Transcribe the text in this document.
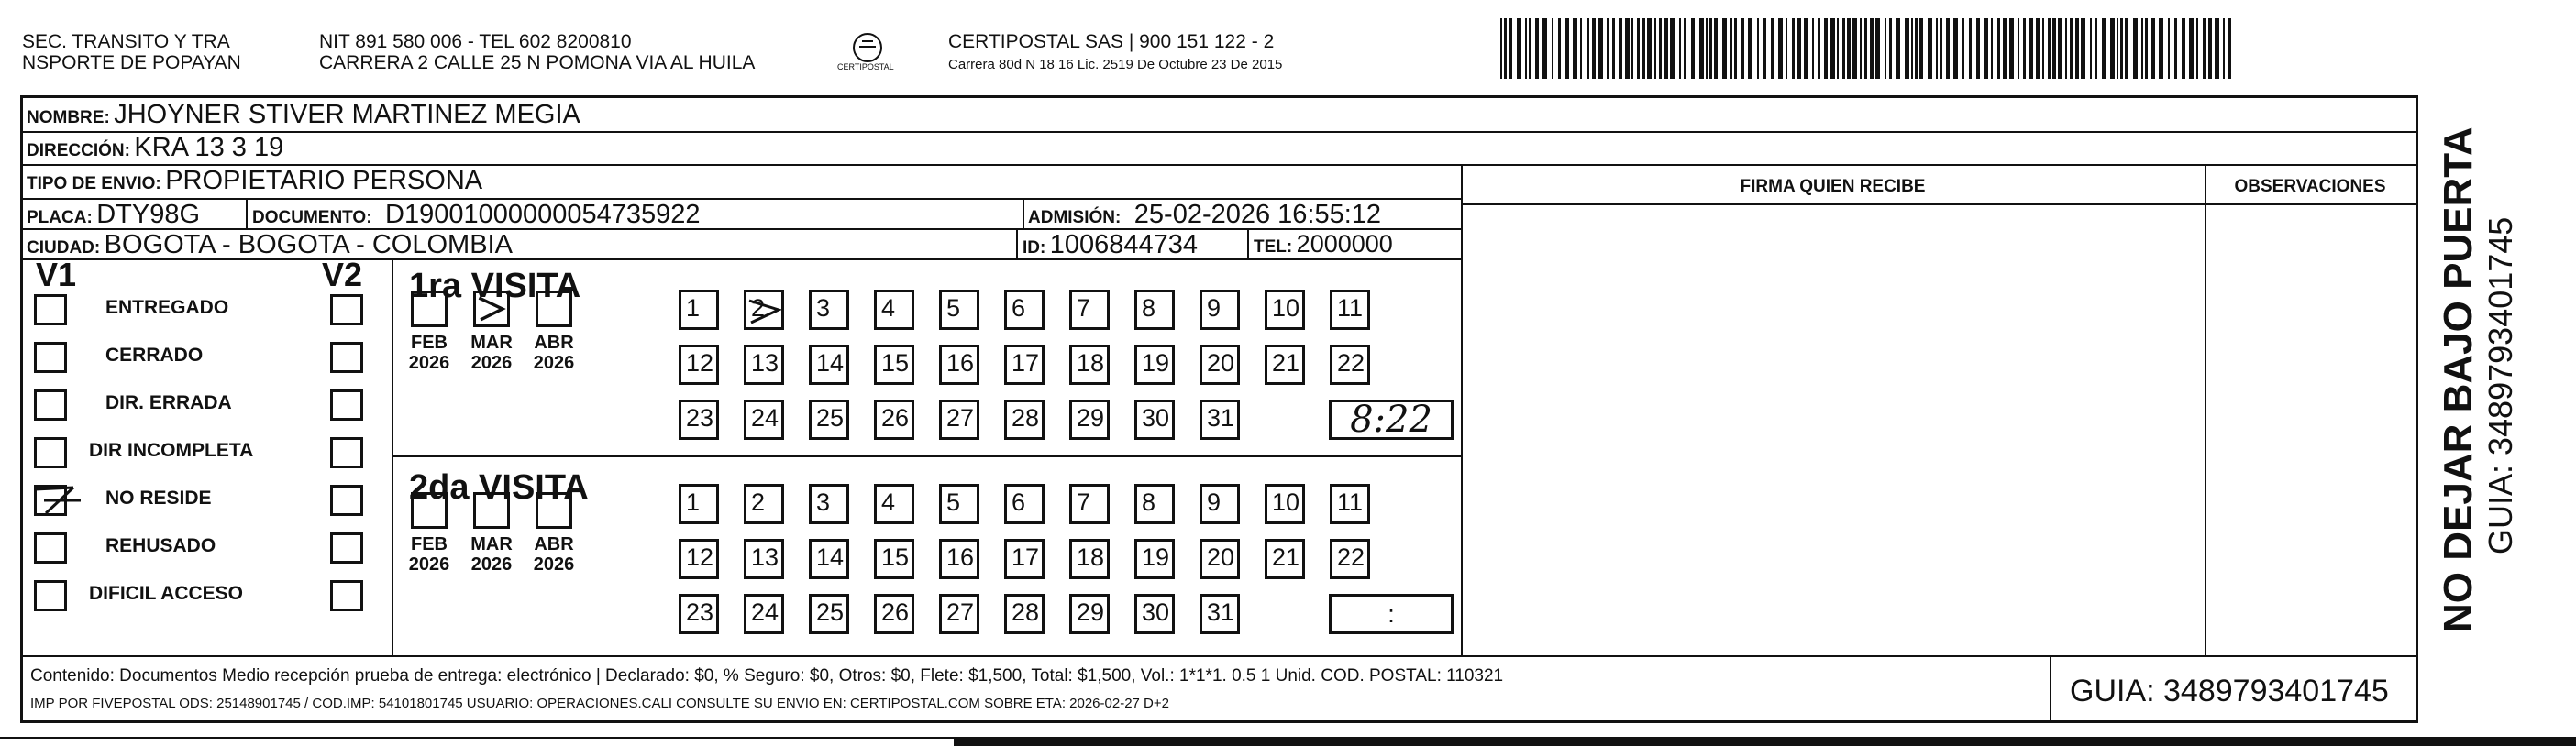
SEC. TRANSITO Y TRA
NSPORTE DE POPAYAN
NIT 891 580 006 - TEL 602 8200810
CARRERA 2 CALLE 25 N POMONA VIA AL HUILA	CERTIPOSTAL
CERTIPOSTAL SAS | 900 151 122 - 2
Carrera 80d N 18 16 Lic. 2519 De Octubre 23 De 2015
NOMBRE: JHOYNER STIVER MARTINEZ MEGIA
DIRECCIÓN: KRA 13 3 19
TIPO DE ENVIO: PROPIETARIO PERSONA	FIRMA QUIEN RECIBE	OBSERVACIONES
PLACA: DTY98G	DOCUMENTO: D19001000000054735922	ADMISIÓN: 25-02-2026 16:55:12
CIUDAD: BOGOTA - BOGOTA - COLOMBIA	ID: 1006844734	TEL: 2000000
V1	V2
ENTREGADO
CERRADO
DIR. ERRADA
DIR INCOMPLETA
NO RESIDE
REHUSADO
DIFICIL ACCESO
1ra VISITA
FEB
2026
MAR
2026
ABR
2026
1 2 3 4 5 6 7 8 9 10 11
12 13 14 15 16 17 18 19 20 21 22
23 24 25 26 27 28 29 30 31	8:22
2da VISITA
FEB
2026
MAR
2026
ABR
2026
1 2 3 4 5 6 7 8 9 10 11
12 13 14 15 16 17 18 19 20 21 22
23 24 25 26 27 28 29 30 31	:
Contenido: Documentos Medio recepción prueba de entrega: electrónico | Declarado: $0, % Seguro: $0, Otros: $0, Flete: $1,500, Total: $1,500, Vol.: 1*1*1. 0.5 1 Unid. COD. POSTAL: 110321
IMP POR FIVEPOSTAL ODS: 25148901745 / COD.IMP: 54101801745 USUARIO: OPERACIONES.CALI CONSULTE SU ENVIO EN: CERTIPOSTAL.COM SOBRE ETA: 2026-02-27 D+2	GUIA: 3489793401745
NO DEJAR BAJO PUERTA GUIA: 3489793401745
